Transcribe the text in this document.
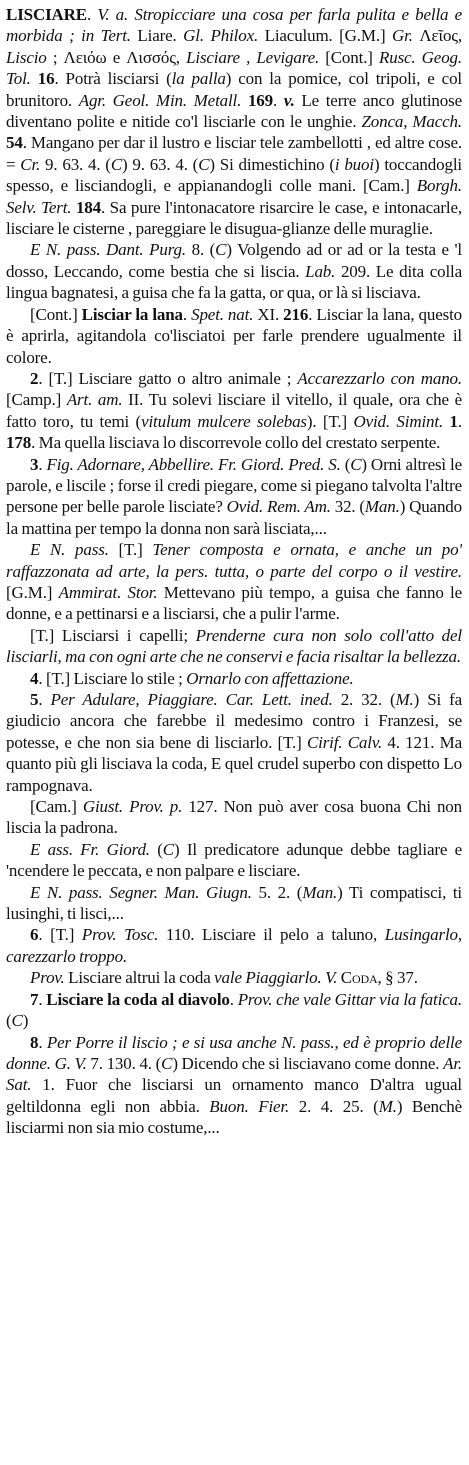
LISCIARE. V. a. Stropicciare una cosa per farla pulita e bella e morbida ; in Tert. Liare. Gl. Philox. Liaculum. [G.M.] Gr. Λεῖος, Liscio ; Λειόω e Λισσός, Lisciare , Levigare. [Cont.] Rusc. Geog. Tol. 16. Potrà lisciarsi (la palla) con la pomice, col tripoli, e col brunitoro. Agr. Geol. Min. Metall. 169. v. Le terre anco glutinose diventano polite e nitide co'l lisciarle con le unghie. Zonca, Macch. 54. Mangano per dar il lustro e lisciar tele zambellotti , ed altre cose. = Cr. 9. 63. 4. (C) 9. 63. 4. (C) Si dimestichino (i buoi) toccandogli spesso, e lisciandogli, e appianandogli colle mani. [Cam.] Borgh. Selv. Tert. 184. Sa pure l'intonacatore risarcire le case, e intonacarle, lisciare le cisterne , pareggiare le disugua-glianze delle muraglie.

E N. pass. Dant. Purg. 8. (C) Volgendo ad or ad or la testa e 'l dosso, Leccando, come bestia che si liscia. Lab. 209. Le dita colla lingua bagnatesi, a guisa che fa la gatta, or qua, or là si lisciava.

[Cont.] Lisciar la lana. Spet. nat. XI. 216. Lisciar la lana, questo è aprirla, agitandola co'lisciatoi per farle prendere ugualmente il colore.

2. [T.] Lisciare gatto o altro animale ; Accarezzarlo con mano. [Camp.] Art. am. II. Tu solevi lisciare il vitello, il quale, ora che è fatto toro, tu temi (vitulum mulcere solebas). [T.] Ovid. Simint. 1. 178. Ma quella lisciava lo discorrevole collo del crestato serpente.

3. Fig. Adornare, Abbellire. Fr. Giord. Pred. S. (C) Orni altresì le parole, e liscile ; forse il credi piegare, come si piegano talvolta l'altre persone per belle parole lisciate? Ovid. Rem. Am. 32. (Man.) Quando la mattina per tempo la donna non sarà lisciata,...

E N. pass. [T.] Tener composta e ornata, e anche un po' raffazzonata ad arte, la pers. tutta, o parte del corpo o il vestire. [G.M.] Ammirat. Stor. Mettevano più tempo, a guisa che fanno le donne, e a pettinarsi e a lisciarsi, che a pulir l'arme.

[T.] Lisciarsi i capelli; Prenderne cura non solo coll'atto del lisciarli, ma con ogni arte che ne conservi e facia risaltar la bellezza.

4. [T.] Lisciare lo stile ; Ornarlo con affettazione.

5. Per Adulare, Piaggiare. Car. Lett. ined. 2. 32. (M.) Si fa giudicio ancora che farebbe il medesimo contro i Franzesi, se potesse, e che non sia bene di lisciarlo. [T.] Cirif. Calv. 4. 121. Ma quanto più gli lisciava la coda, E quel crudel superbo con dispetto Lo rampognava.

[Cam.] Giust. Prov. p. 127. Non può aver cosa buona Chi non liscia la padrona.

E ass. Fr. Giord. (C) Il predicatore adunque debbe tagliare e 'ncendere le peccata, e non palpare e lisciare.

E N. pass. Segner. Man. Giugn. 5. 2. (Man.) Ti compatisci, ti lusinghi, ti lisci,...

6. [T.] Prov. Tosc. 110. Lisciare il pelo a taluno, Lusingarlo, carezzarlo troppo.

Prov. Lisciare altrui la coda vale Piaggiarlo. V. Coda, § 37.

7. Lisciare la coda al diavolo. Prov. che vale Gittar via la fatica. (C)

8. Per Porre il liscio ; e si usa anche N. pass., ed è proprio delle donne. G. V. 7. 130. 4. (C) Dicendo che si lisciavano come donne. Ar. Sat. 1. Fuor che lisciarsi un ornamento manco D'altra ugual geltildonna egli non abbia. Buon. Fier. 2. 4. 25. (M.) Benchè lisciarmi non sia mio costume,...
